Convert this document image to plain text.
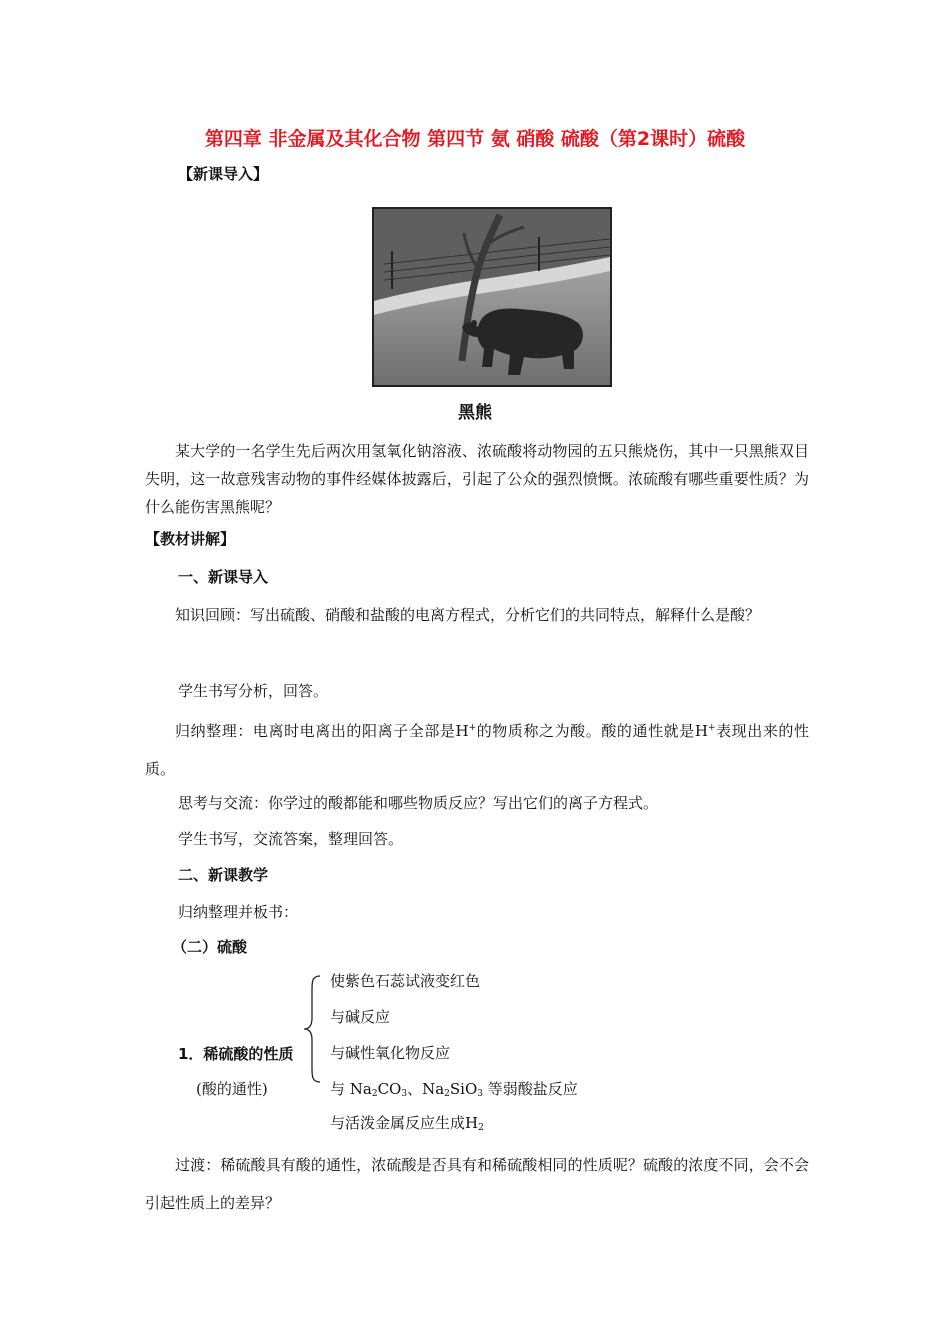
第四章 非金属及其化合物 第四节 氨 硝酸 硫酸（第2课时）硫酸
【新课导入】
黑熊
某大学的一名学生先后两次用氢氧化钠溶液、浓硫酸将动物园的五只熊烧伤，其中一只黑熊双目失明，这一故意残害动物的事件经媒体披露后，引起了公众的强烈愤慨。浓硫酸有哪些重要性质？为什么能伤害黑熊呢？
【教材讲解】
一、新课导入
知识回顾：写出硫酸、硝酸和盐酸的电离方程式，分析它们的共同特点，解释什么是酸？
学生书写分析，回答。
归纳整理：电离时电离出的阳离子全部是H+的物质称之为酸。酸的通性就是H+表现出来的性质。
思考与交流：你学过的酸都能和哪些物质反应？写出它们的离子方程式。
学生书写，交流答案，整理回答。
二、新课教学
归纳整理并板书：
（二）硫酸
1．稀硫酸的性质
(酸的通性)
使紫色石蕊试液变红色
与碱反应
与碱性氧化物反应
与 $Na_2CO_3$、$Na_2SiO_3$ 等弱酸盐反应
与活泼金属反应生成$H_2$
过渡：稀硫酸具有酸的通性，浓硫酸是否具有和稀硫酸相同的性质呢？硫酸的浓度不同，会不会引起性质上的差异？
